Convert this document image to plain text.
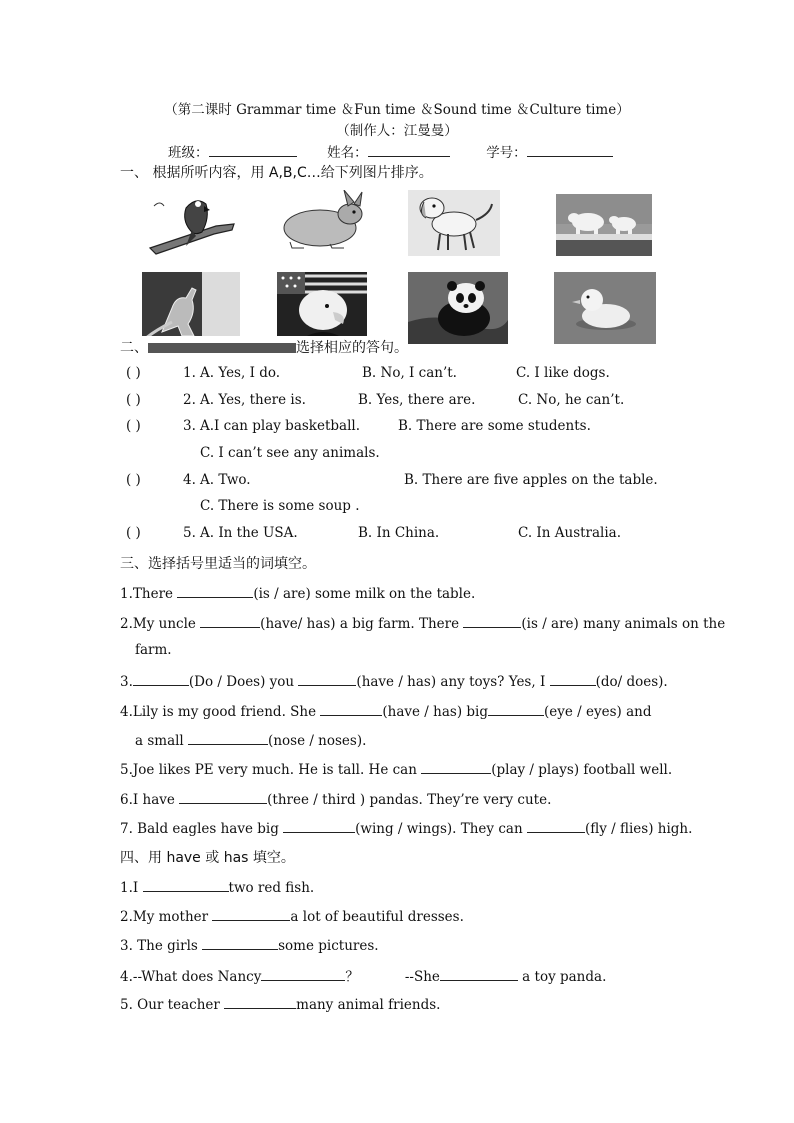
（第二课时 Grammar time ＆Fun time ＆Sound time ＆Culture time）
（制作人：江曼曼）
班级：	姓名：	学号：
一、 根据所听内容，用 A,B,C…给下列图片排序。
二、	选择相应的答句。
( )	1. A. Yes, I do.	B. No, I can’t.	C. I like dogs.
( )	2. A. Yes, there is.	B. Yes, there are.	C. No, he can’t.
( )	3. A.I can play basketball.	B. There are some students.
C. I can’t see any animals.
( )	4. A. Two.	B. There are five apples on the table.
C. There is some soup .
( )	5. A. In the USA.	B. In China.	C. In Australia.
三、选择括号里适当的词填空。
1.There	(is / are) some milk on the table.
2.My uncle	(have/ has) a big farm. There	(is / are) many animals on the
farm.
3.	(Do / Does) you	(have / has) any toys? Yes, I	(do/ does).
4.Lily is my good friend. She	(have / has) big	(eye / eyes) and
a small	(nose / noses).
5.Joe likes PE very much. He is tall. He can	(play / plays) football well.
6.I have	(three / third ) pandas. They’re very cute.
7. Bald eagles have big	(wing / wings). They can	(fly / flies) high.
四、用 have 或 has 填空。
1.I	two red fish.
2.My mother	a lot of beautiful dresses.
3. The girls	some pictures.
4.--What does Nancy	？	--She	a toy panda.
5. Our teacher	many animal friends.
